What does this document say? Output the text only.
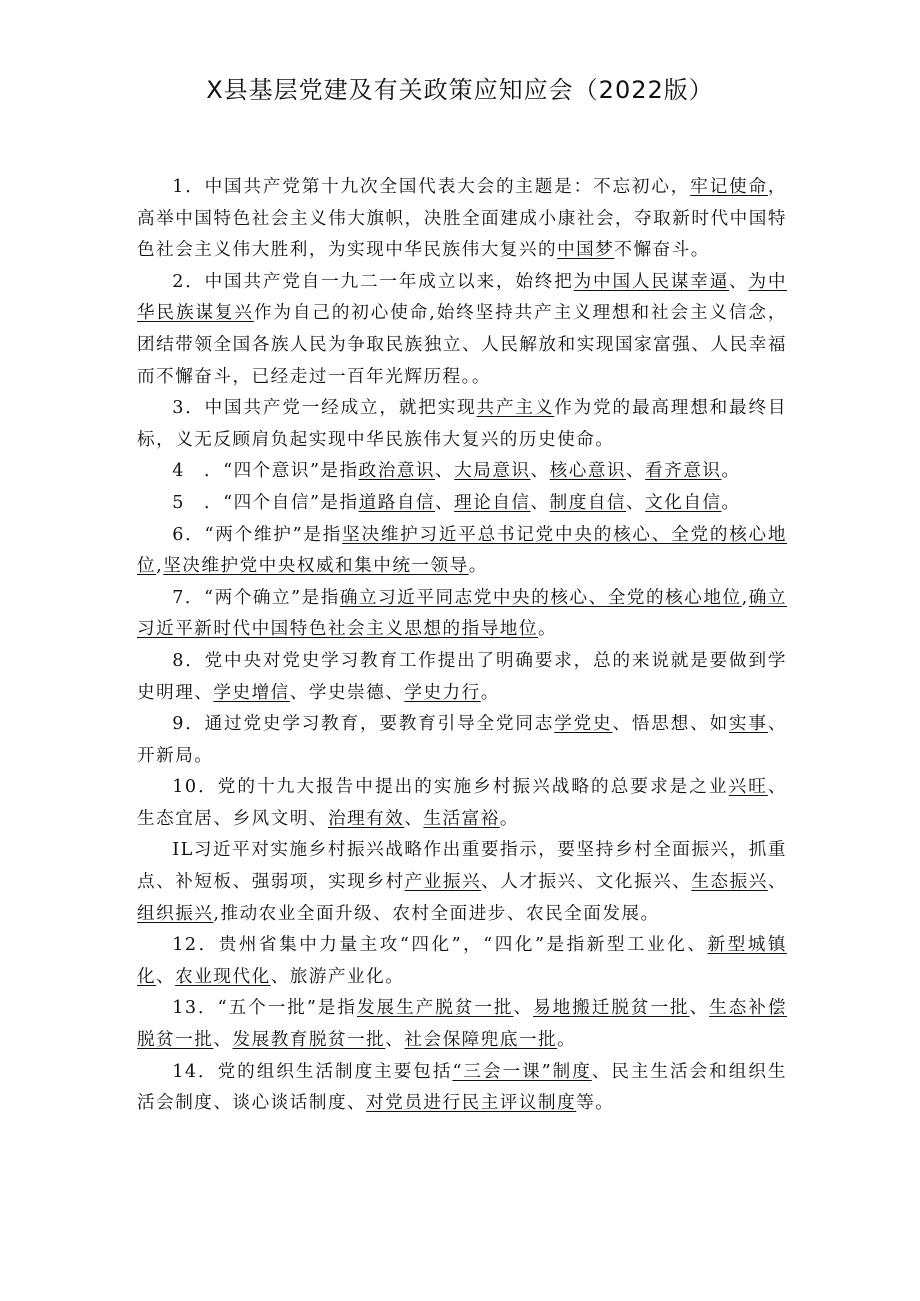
X县基层党建及有关政策应知应会（2022版）

1．中国共产党第十九次全国代表大会的主题是：不忘初心，牢记使命，高举中国特色社会主义伟大旗帜，决胜全面建成小康社会，夺取新时代中国特色社会主义伟大胜利，为实现中华民族伟大复兴的中国梦不懈奋斗。

2．中国共产党自一九二一年成立以来，始终把为中国人民谋幸逼、为中华民族谋复兴作为自己的初心使命,始终坚持共产主义理想和社会主义信念，团结带领全国各族人民为争取民族独立、人民解放和实现国家富强、人民幸福而不懈奋斗，已经走过一百年光辉历程。。

3．中国共产党一经成立，就把实现共产主义作为党的最高理想和最终目标，义无反顾肩负起实现中华民族伟大复兴的历史使命。

4　．“四个意识”是指政治意识、大局意识、核心意识、看齐意识。

5　．“四个自信”是指道路自信、理论自信、制度自信、文化自信。

6．“两个维护”是指坚决维护习近平总书记党中央的核心、全党的核心地位,坚决维护党中央权威和集中统一领导。

7．“两个确立”是指确立习近平同志党中央的核心、全党的核心地位,确立习近平新时代中国特色社会主义思想的指导地位。

8．党中央对党史学习教育工作提出了明确要求，总的来说就是要做到学史明理、学史增信、学史崇德、学史力行。

9．通过党史学习教育，要教育引导全党同志学党史、悟思想、如实事、开新局。

10．党的十九大报告中提出的实施乡村振兴战略的总要求是之业兴旺、生态宜居、乡风文明、治理有效、生活富裕。

IL习近平对实施乡村振兴战略作出重要指示，要坚持乡村全面振兴，抓重点、补短板、强弱项，实现乡村产业振兴、人才振兴、文化振兴、生态振兴、组织振兴,推动农业全面升级、农村全面进步、农民全面发展。

12．贵州省集中力量主攻“四化”，“四化”是指新型工业化、新型城镇化、农业现代化、旅游产业化。

13．“五个一批”是指发展生产脱贫一批、易地搬迁脱贫一批、生态补偿脱贫一批、发展教育脱贫一批、社会保障兜底一批。

14．党的组织生活制度主要包括“三会一课”制度、民主生活会和组织生活会制度、谈心谈话制度、对党员进行民主评议制度等。
